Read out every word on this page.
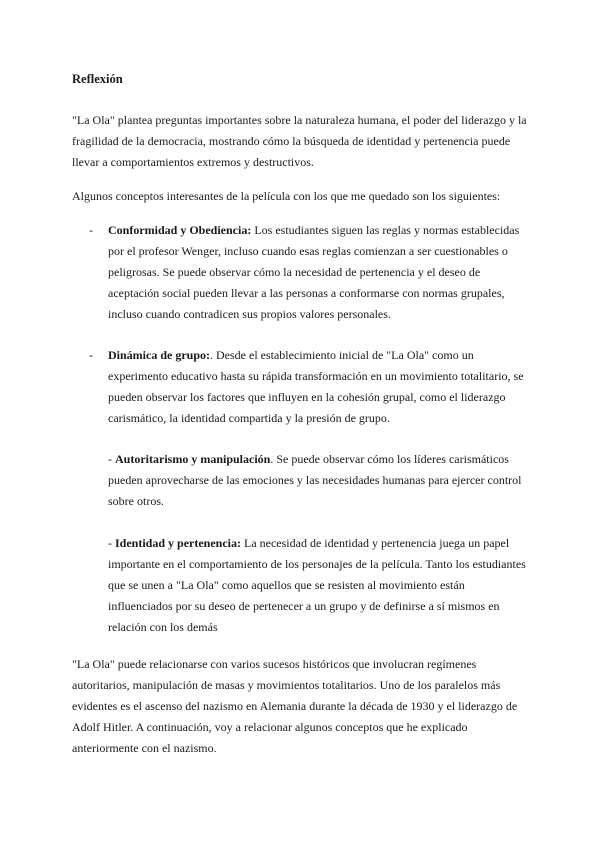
Reflexión
"La Ola" plantea preguntas importantes sobre la naturaleza humana, el poder del liderazgo y la fragilidad de la democracia, mostrando cómo la búsqueda de identidad y pertenencia puede llevar a comportamientos extremos y destructivos.
Algunos conceptos interesantes de la película con los que me quedado son los siguientes:
- Conformidad y Obediencia: Los estudiantes siguen las reglas y normas establecidas por el profesor Wenger, incluso cuando esas reglas comienzan a ser cuestionables o peligrosas. Se puede observar cómo la necesidad de pertenencia y el deseo de aceptación social pueden llevar a las personas a conformarse con normas grupales, incluso cuando contradicen sus propios valores personales.
- Dinámica de grupo:. Desde el establecimiento inicial de "La Ola" como un experimento educativo hasta su rápida transformación en un movimiento totalitario, se pueden observar los factores que influyen en la cohesión grupal, como el liderazgo carismático, la identidad compartida y la presión de grupo.
- Autoritarismo y manipulación. Se puede observar cómo los líderes carismáticos pueden aprovecharse de las emociones y las necesidades humanas para ejercer control sobre otros.
- Identidad y pertenencia: La necesidad de identidad y pertenencia juega un papel importante en el comportamiento de los personajes de la película. Tanto los estudiantes que se unen a "La Ola" como aquellos que se resisten al movimiento están influenciados por su deseo de pertenecer a un grupo y de definirse a sí mismos en relación con los demás
"La Ola" puede relacionarse con varios sucesos históricos que involucran regímenes autoritarios, manipulación de masas y movimientos totalitarios. Uno de los paralelos más evidentes es el ascenso del nazismo en Alemania durante la década de 1930 y el liderazgo de Adolf Hitler. A continuación, voy a relacionar algunos conceptos que he explicado anteriormente con el nazismo.
